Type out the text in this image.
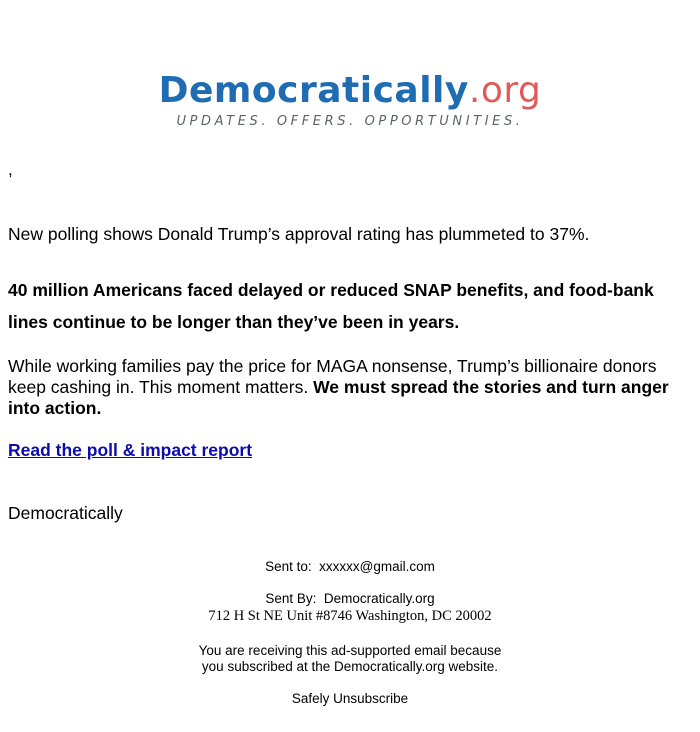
Democratically.org
UPDATES. OFFERS. OPPORTUNITIES.
,
New polling shows Donald Trump’s approval rating has plummeted to 37%.
40 million Americans faced delayed or reduced SNAP benefits, and food-bank lines continue to be longer than they’ve been in years.
While working families pay the price for MAGA nonsense, Trump’s billionaire donors keep cashing in. This moment matters. We must spread the stories and turn anger into action.
Read the poll & impact report
Democratically
Sent to: xxxxxx@gmail.com
Sent By: Democratically.org
712 H St NE Unit #8746 Washington, DC 20002
You are receiving this ad-supported email because
you subscribed at the Democratically.org website.
Safely Unsubscribe
